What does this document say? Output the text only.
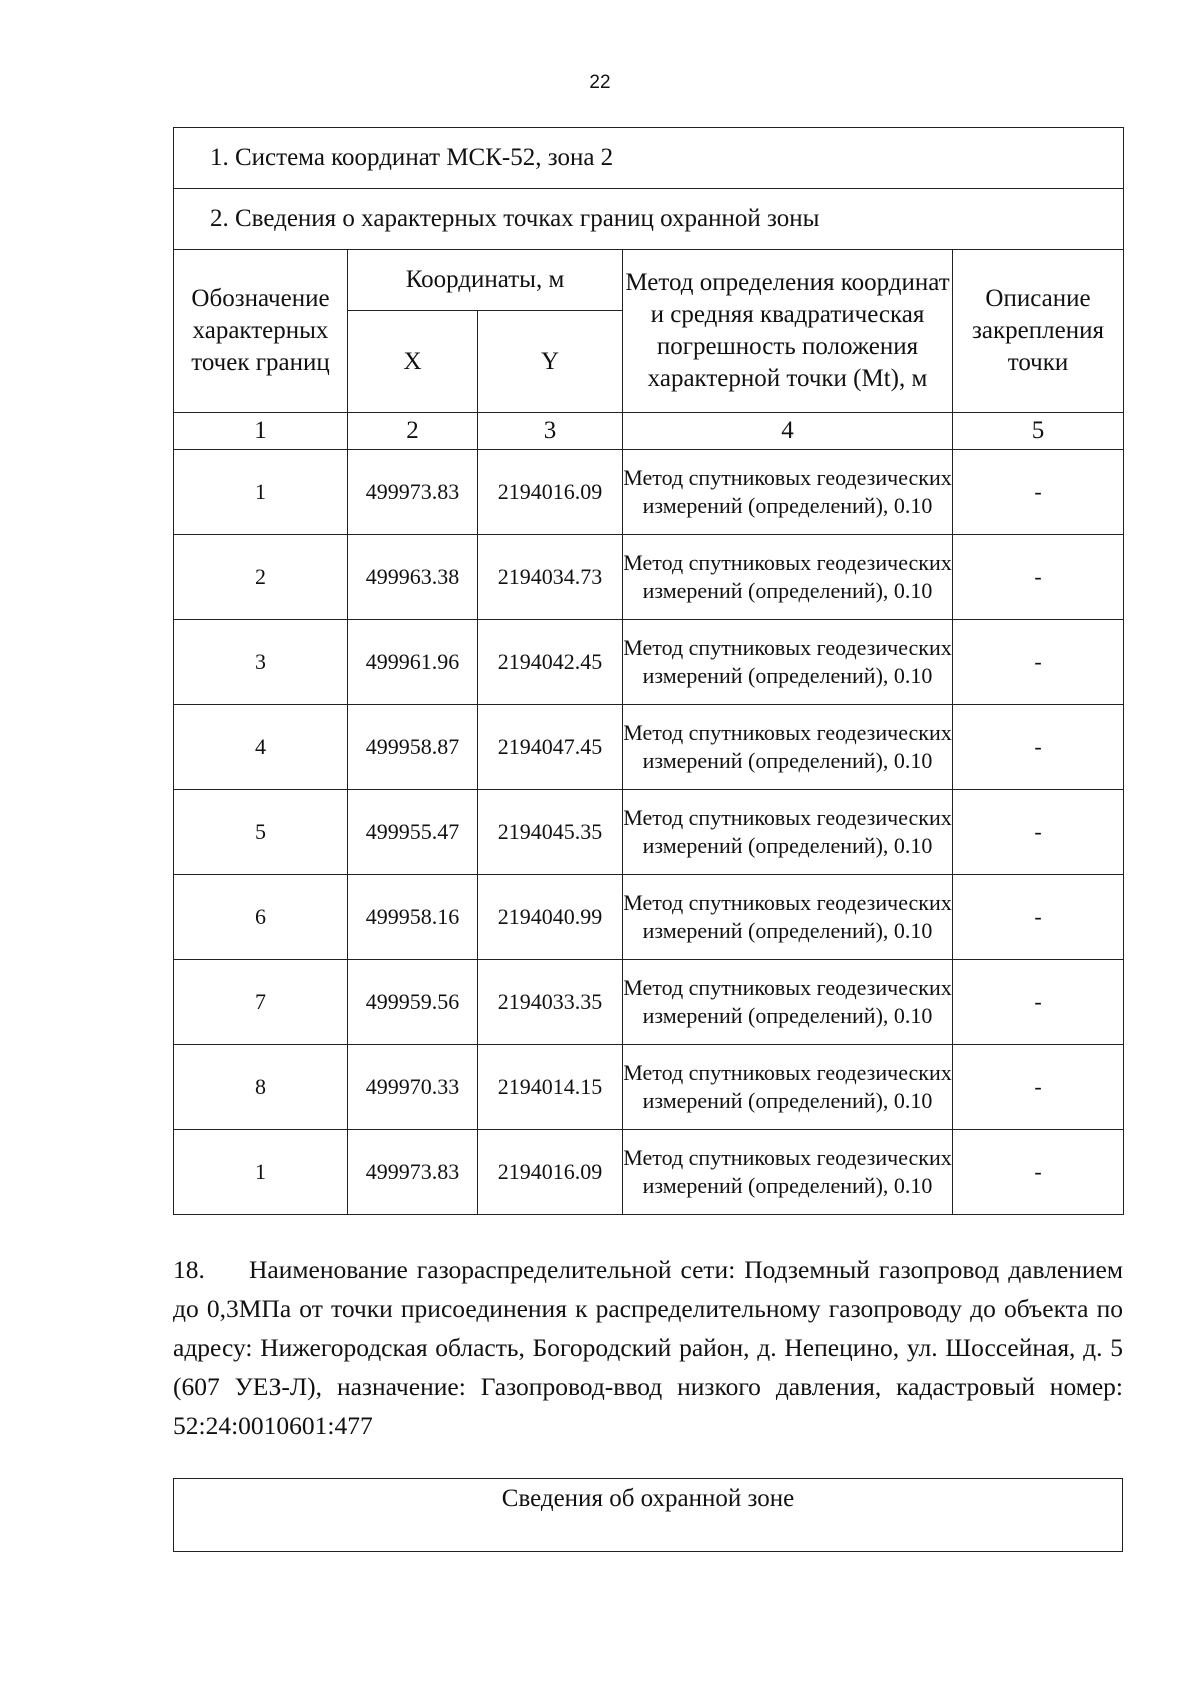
22
1. Система координат МСК-52, зона 2				
2. Сведения о характерных точках границ охранной зоны				
Обозначение характерных точек границ	Координаты, м		Метод определения координат и средняя квадратическая погрешность положения характерной точки (Mt), м	Описание закрепления точки
	X	Y		
1	2	3	4	5
1	499973.83	2194016.09	Метод спутниковых геодезических измерений (определений), 0.10	-
2	499963.38	2194034.73	Метод спутниковых геодезических измерений (определений), 0.10	-
3	499961.96	2194042.45	Метод спутниковых геодезических измерений (определений), 0.10	-
4	499958.87	2194047.45	Метод спутниковых геодезических измерений (определений), 0.10	-
5	499955.47	2194045.35	Метод спутниковых геодезических измерений (определений), 0.10	-
6	499958.16	2194040.99	Метод спутниковых геодезических измерений (определений), 0.10	-
7	499959.56	2194033.35	Метод спутниковых геодезических измерений (определений), 0.10	-
8	499970.33	2194014.15	Метод спутниковых геодезических измерений (определений), 0.10	-
1	499973.83	2194016.09	Метод спутниковых геодезических измерений (определений), 0.10	-
18. Наименование газораспределительной сети: Подземный газопровод давлением до 0,3МПа от точки присоединения к распределительному газопроводу до объекта по адресу: Нижегородская область, Богородский район, д. Непецино, ул. Шоссейная, д. 5 (607 УЕЗ-Л), назначение: Газопровод-ввод низкого давления, кадастровый номер: 52:24:0010601:477
Сведения об охранной зоне
